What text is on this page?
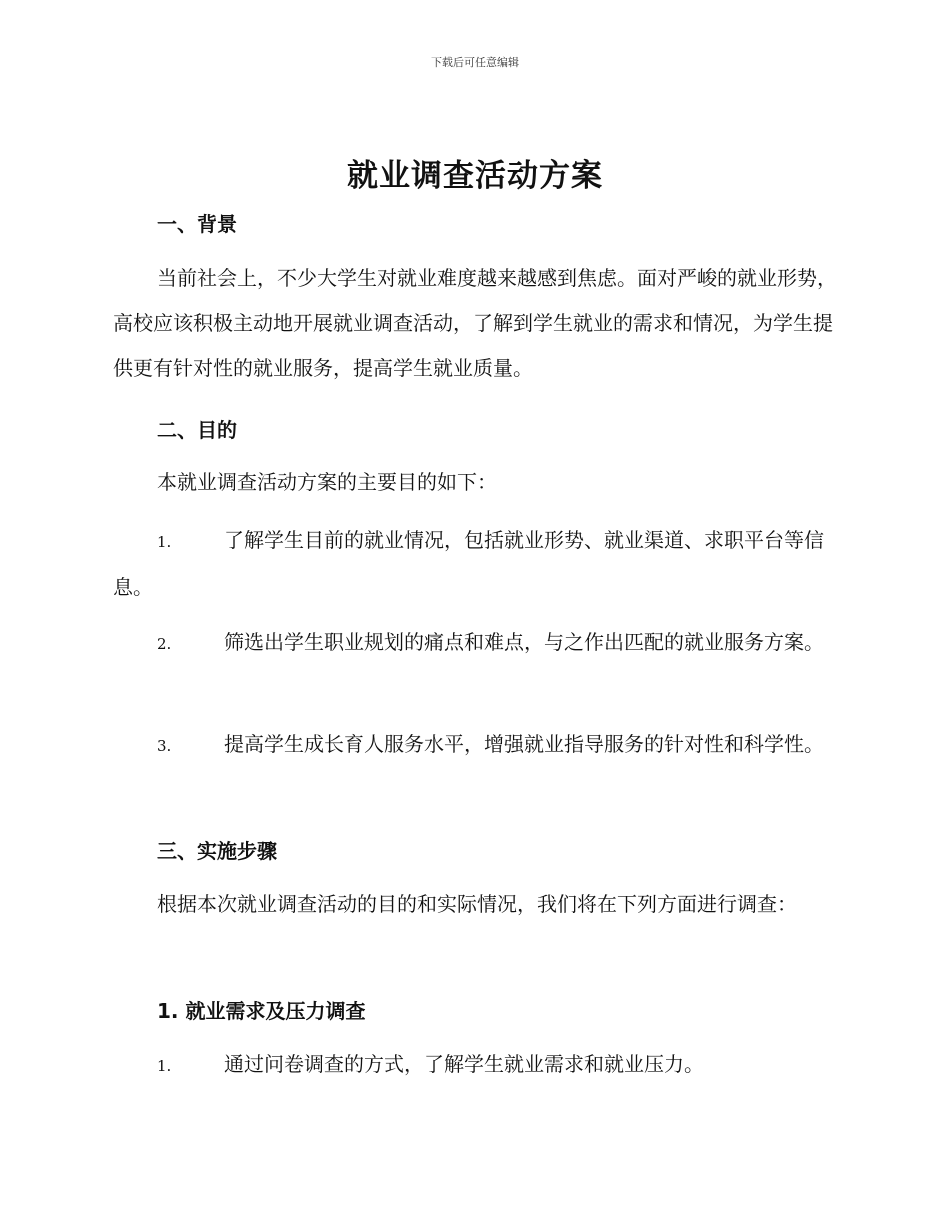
下载后可任意编辑
就业调查活动方案
一、背景
当前社会上，不少大学生对就业难度越来越感到焦虑。面对严峻的就业形势，高校应该积极主动地开展就业调查活动，了解到学生就业的需求和情况，为学生提供更有针对性的就业服务，提高学生就业质量。
二、目的
本就业调查活动方案的主要目的如下：
1.	了解学生目前的就业情况，包括就业形势、就业渠道、求职平台等信息。
2.	筛选出学生职业规划的痛点和难点，与之作出匹配的就业服务方案。
3.	提高学生成长育人服务水平，增强就业指导服务的针对性和科学性。
三、实施步骤
根据本次就业调查活动的目的和实际情况，我们将在下列方面进行调查：
1. 就业需求及压力调查
1.	通过问卷调查的方式，了解学生就业需求和就业压力。
